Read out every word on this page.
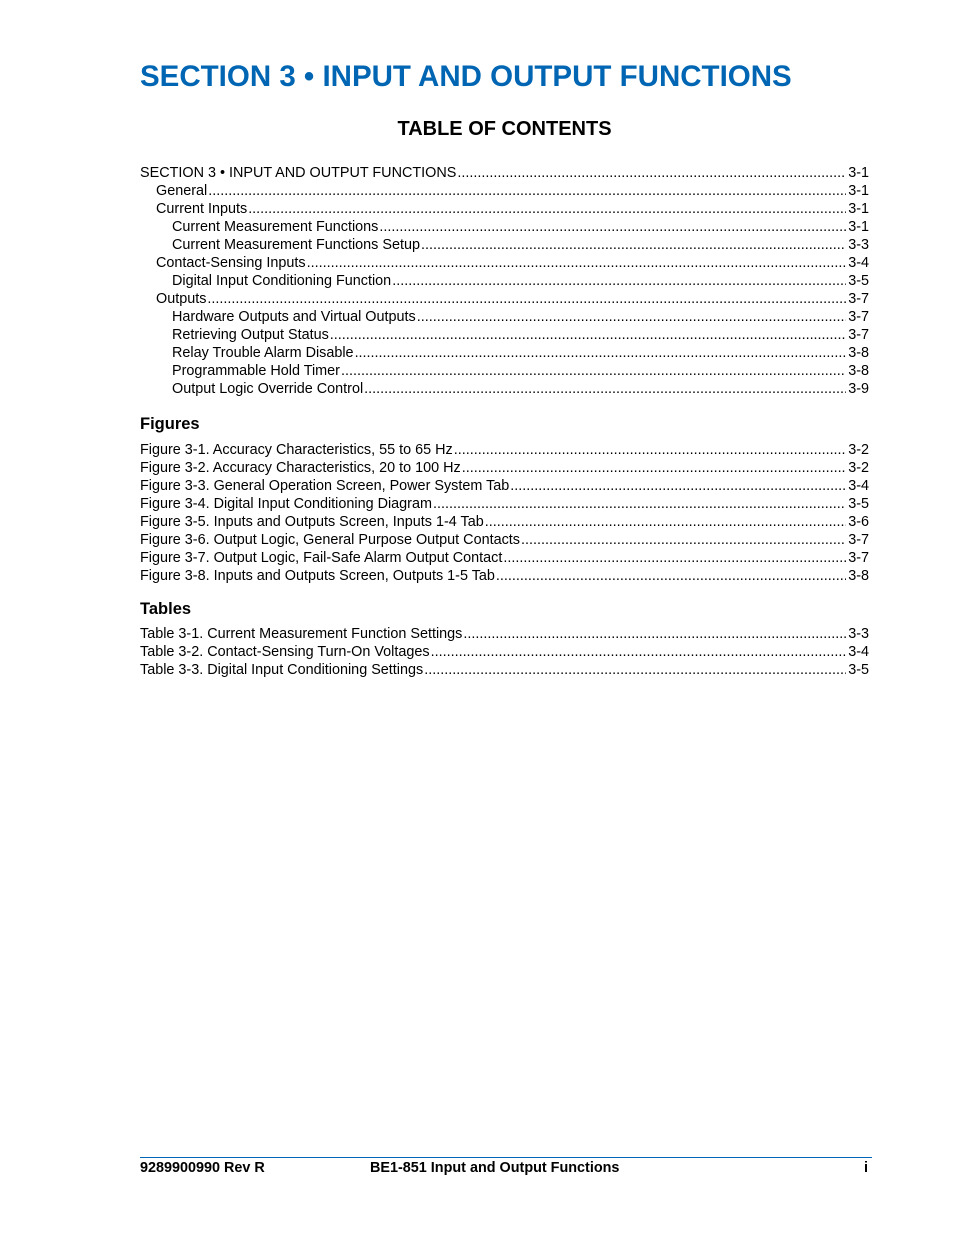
SECTION 3 • INPUT AND OUTPUT FUNCTIONS
TABLE OF CONTENTS
SECTION 3 • INPUT AND OUTPUT FUNCTIONS .....	3-1
General .....	3-1
Current Inputs .....	3-1
Current Measurement Functions .....	3-1
Current Measurement Functions Setup .....	3-3
Contact-Sensing Inputs .....	3-4
Digital Input Conditioning Function .....	3-5
Outputs .....	3-7
Hardware Outputs and Virtual Outputs .....	3-7
Retrieving Output Status .....	3-7
Relay Trouble Alarm Disable .....	3-8
Programmable Hold Timer .....	3-8
Output Logic Override Control .....	3-9
Figures
Figure 3-1. Accuracy Characteristics, 55 to 65 Hz .....	3-2
Figure 3-2. Accuracy Characteristics, 20 to 100 Hz .....	3-2
Figure 3-3. General Operation Screen, Power System Tab .....	3-4
Figure 3-4. Digital Input Conditioning Diagram .....	3-5
Figure 3-5. Inputs and Outputs Screen, Inputs 1-4 Tab .....	3-6
Figure 3-6. Output Logic, General Purpose Output Contacts .....	3-7
Figure 3-7. Output Logic, Fail-Safe Alarm Output Contact .....	3-7
Figure 3-8. Inputs and Outputs Screen, Outputs 1-5 Tab .....	3-8
Tables
Table 3-1. Current Measurement Function Settings .....	3-3
Table 3-2. Contact-Sensing Turn-On Voltages .....	3-4
Table 3-3. Digital Input Conditioning Settings .....	3-5
9289900990 Rev R	BE1-851 Input and Output Functions	i
